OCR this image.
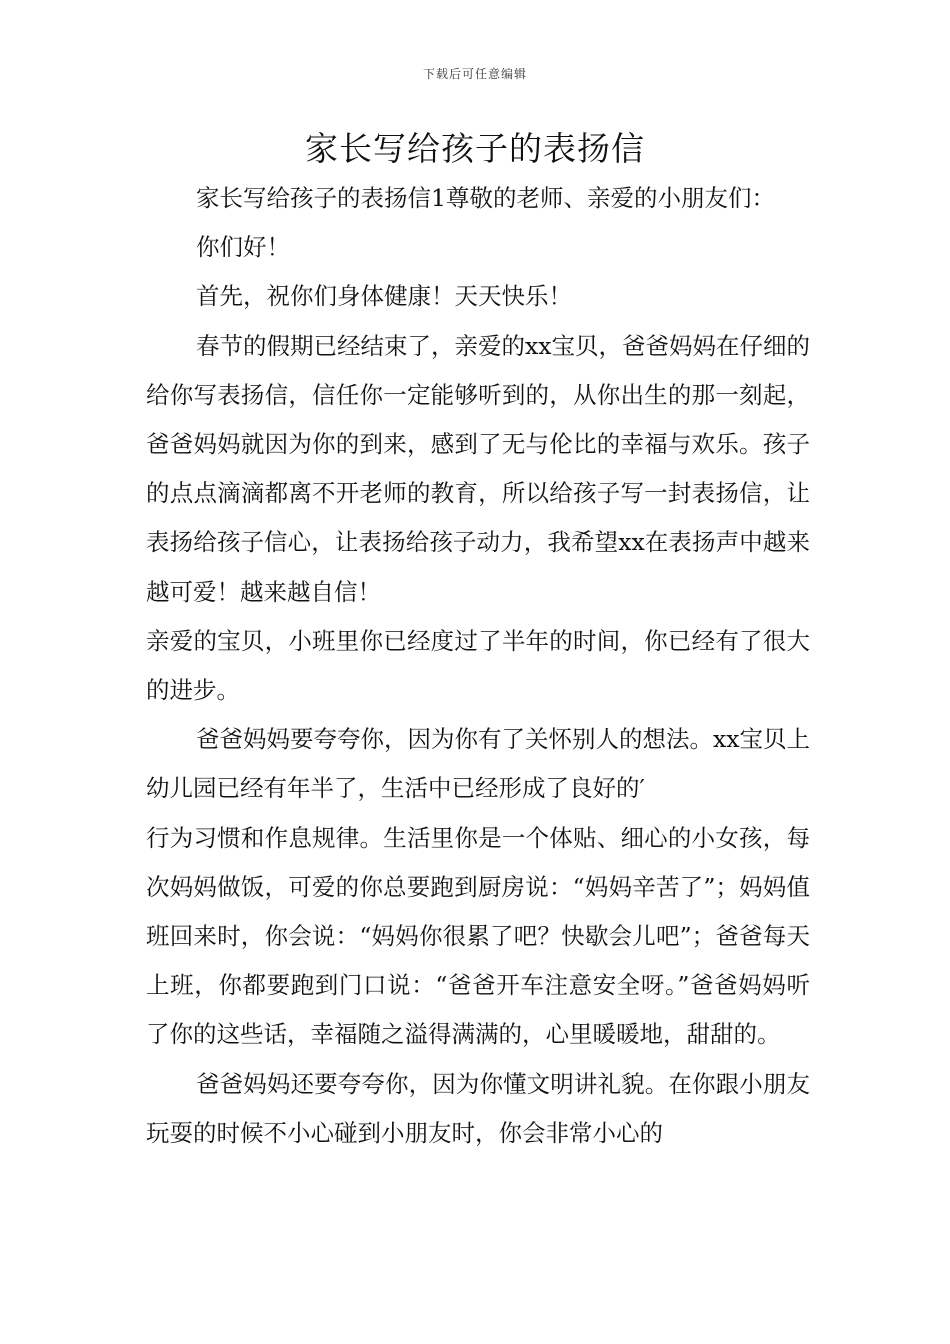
下载后可任意编辑
家长写给孩子的表扬信

家长写给孩子的表扬信1尊敬的老师、亲爱的小朋友们：

你们好！

首先，祝你们身体健康！天天快乐！

春节的假期已经结束了，亲爱的xx宝贝，爸爸妈妈在仔细的给你写表扬信，信任你一定能够听到的，从你出生的那一刻起，爸爸妈妈就因为你的到来，感到了无与伦比的幸福与欢乐。孩子的点点滴滴都离不开老师的教育，所以给孩子写一封表扬信，让表扬给孩子信心，让表扬给孩子动力，我希望xx在表扬声中越来越可爱！越来越自信！

亲爱的宝贝，小班里你已经度过了半年的时间，你已经有了很大的进步。

爸爸妈妈要夸夸你，因为你有了关怀别人的想法。xx宝贝上幼儿园已经有年半了，生活中已经形成了良好的′

行为习惯和作息规律。生活里你是一个体贴、细心的小女孩，每次妈妈做饭，可爱的你总要跑到厨房说：“妈妈辛苦了”；妈妈值班回来时，你会说：“妈妈你很累了吧？快歇会儿吧”；爸爸每天上班，你都要跑到门口说：“爸爸开车注意安全呀。”爸爸妈妈听了你的这些话，幸福随之溢得满满的，心里暖暖地，甜甜的。

爸爸妈妈还要夸夸你，因为你懂文明讲礼貌。在你跟小朋友玩耍的时候不小心碰到小朋友时，你会非常小心的
